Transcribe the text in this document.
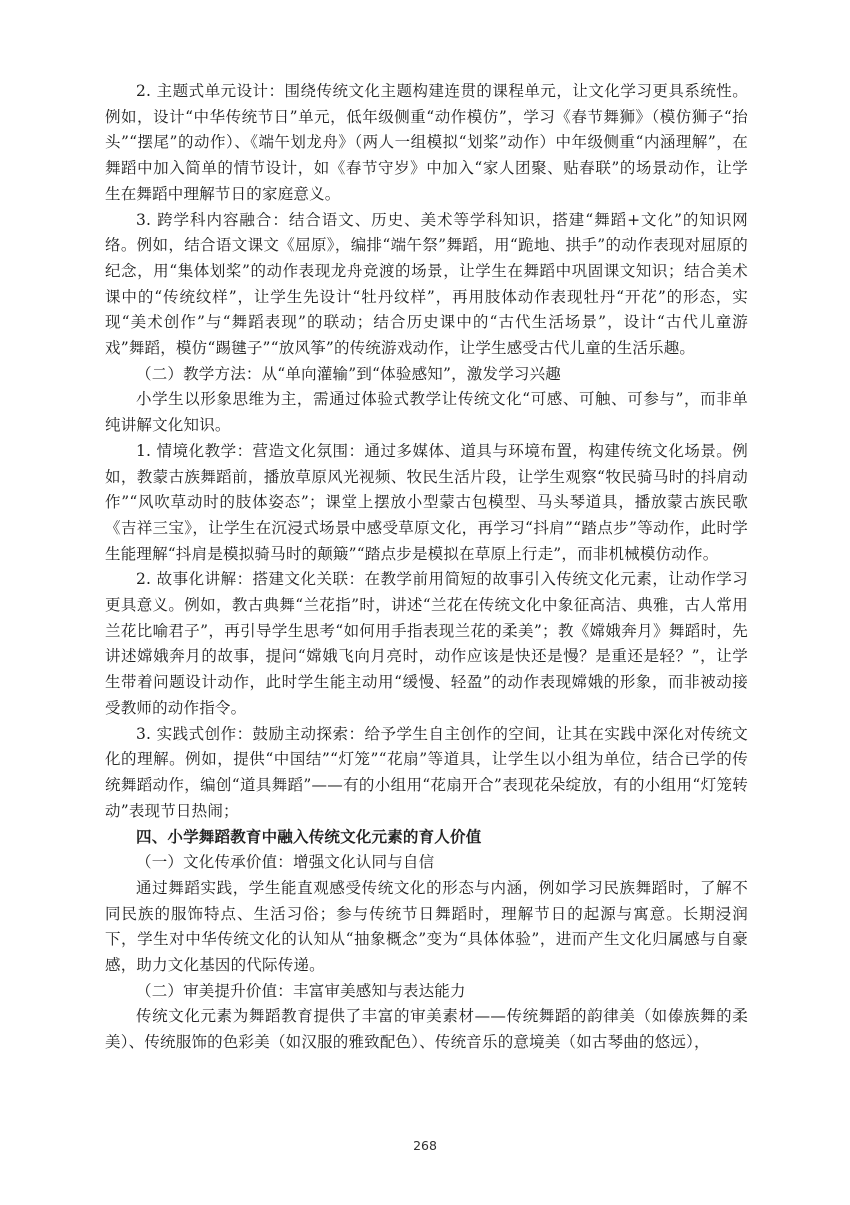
2. 主题式单元设计：围绕传统文化主题构建连贯的课程单元，让文化学习更具系统性。例如，设计“中华传统节日”单元，低年级侧重“动作模仿”，学习《春节舞狮》（模仿狮子“抬头”“摆尾”的动作）、《端午划龙舟》（两人一组模拟“划桨”动作）中年级侧重“内涵理解”，在舞蹈中加入简单的情节设计，如《春节守岁》中加入“家人团聚、贴春联”的场景动作，让学生在舞蹈中理解节日的家庭意义。

3. 跨学科内容融合：结合语文、历史、美术等学科知识，搭建“舞蹈+文化”的知识网络。例如，结合语文课文《屈原》，编排“端午祭”舞蹈，用“跪地、拱手”的动作表现对屈原的纪念，用“集体划桨”的动作表现龙舟竞渡的场景，让学生在舞蹈中巩固课文知识；结合美术课中的“传统纹样”，让学生先设计“牡丹纹样”，再用肢体动作表现牡丹“开花”的形态，实现“美术创作”与“舞蹈表现”的联动；结合历史课中的“古代生活场景”，设计“古代儿童游戏”舞蹈，模仿“踢毽子”“放风筝”的传统游戏动作，让学生感受古代儿童的生活乐趣。

（二）教学方法：从“单向灌输”到“体验感知”，激发学习兴趣

小学生以形象思维为主，需通过体验式教学让传统文化“可感、可触、可参与”，而非单纯讲解文化知识。

1. 情境化教学：营造文化氛围：通过多媒体、道具与环境布置，构建传统文化场景。例如，教蒙古族舞蹈前，播放草原风光视频、牧民生活片段，让学生观察“牧民骑马时的抖肩动作”“风吹草动时的肢体姿态”；课堂上摆放小型蒙古包模型、马头琴道具，播放蒙古族民歌《吉祥三宝》，让学生在沉浸式场景中感受草原文化，再学习“抖肩”“踏点步”等动作，此时学生能理解“抖肩是模拟骑马时的颠簸”“踏点步是模拟在草原上行走”，而非机械模仿动作。

2. 故事化讲解：搭建文化关联：在教学前用简短的故事引入传统文化元素，让动作学习更具意义。例如，教古典舞“兰花指”时，讲述“兰花在传统文化中象征高洁、典雅，古人常用兰花比喻君子”，再引导学生思考“如何用手指表现兰花的柔美”；教《嫦娥奔月》舞蹈时，先讲述嫦娥奔月的故事，提问“嫦娥飞向月亮时，动作应该是快还是慢？是重还是轻？”，让学生带着问题设计动作，此时学生能主动用“缓慢、轻盈”的动作表现嫦娥的形象，而非被动接受教师的动作指令。

3. 实践式创作：鼓励主动探索：给予学生自主创作的空间，让其在实践中深化对传统文化的理解。例如，提供“中国结”“灯笼”“花扇”等道具，让学生以小组为单位，结合已学的传统舞蹈动作，编创“道具舞蹈”——有的小组用“花扇开合”表现花朵绽放，有的小组用“灯笼转动”表现节日热闹；

四、小学舞蹈教育中融入传统文化元素的育人价值

（一）文化传承价值：增强文化认同与自信

通过舞蹈实践，学生能直观感受传统文化的形态与内涵，例如学习民族舞蹈时，了解不同民族的服饰特点、生活习俗；参与传统节日舞蹈时，理解节日的起源与寓意。长期浸润下，学生对中华传统文化的认知从“抽象概念”变为“具体体验”，进而产生文化归属感与自豪感，助力文化基因的代际传递。

（二）审美提升价值：丰富审美感知与表达能力

传统文化元素为舞蹈教育提供了丰富的审美素材——传统舞蹈的韵律美（如傣族舞的柔美）、传统服饰的色彩美（如汉服的雅致配色）、传统音乐的意境美（如古琴曲的悠远），

268
